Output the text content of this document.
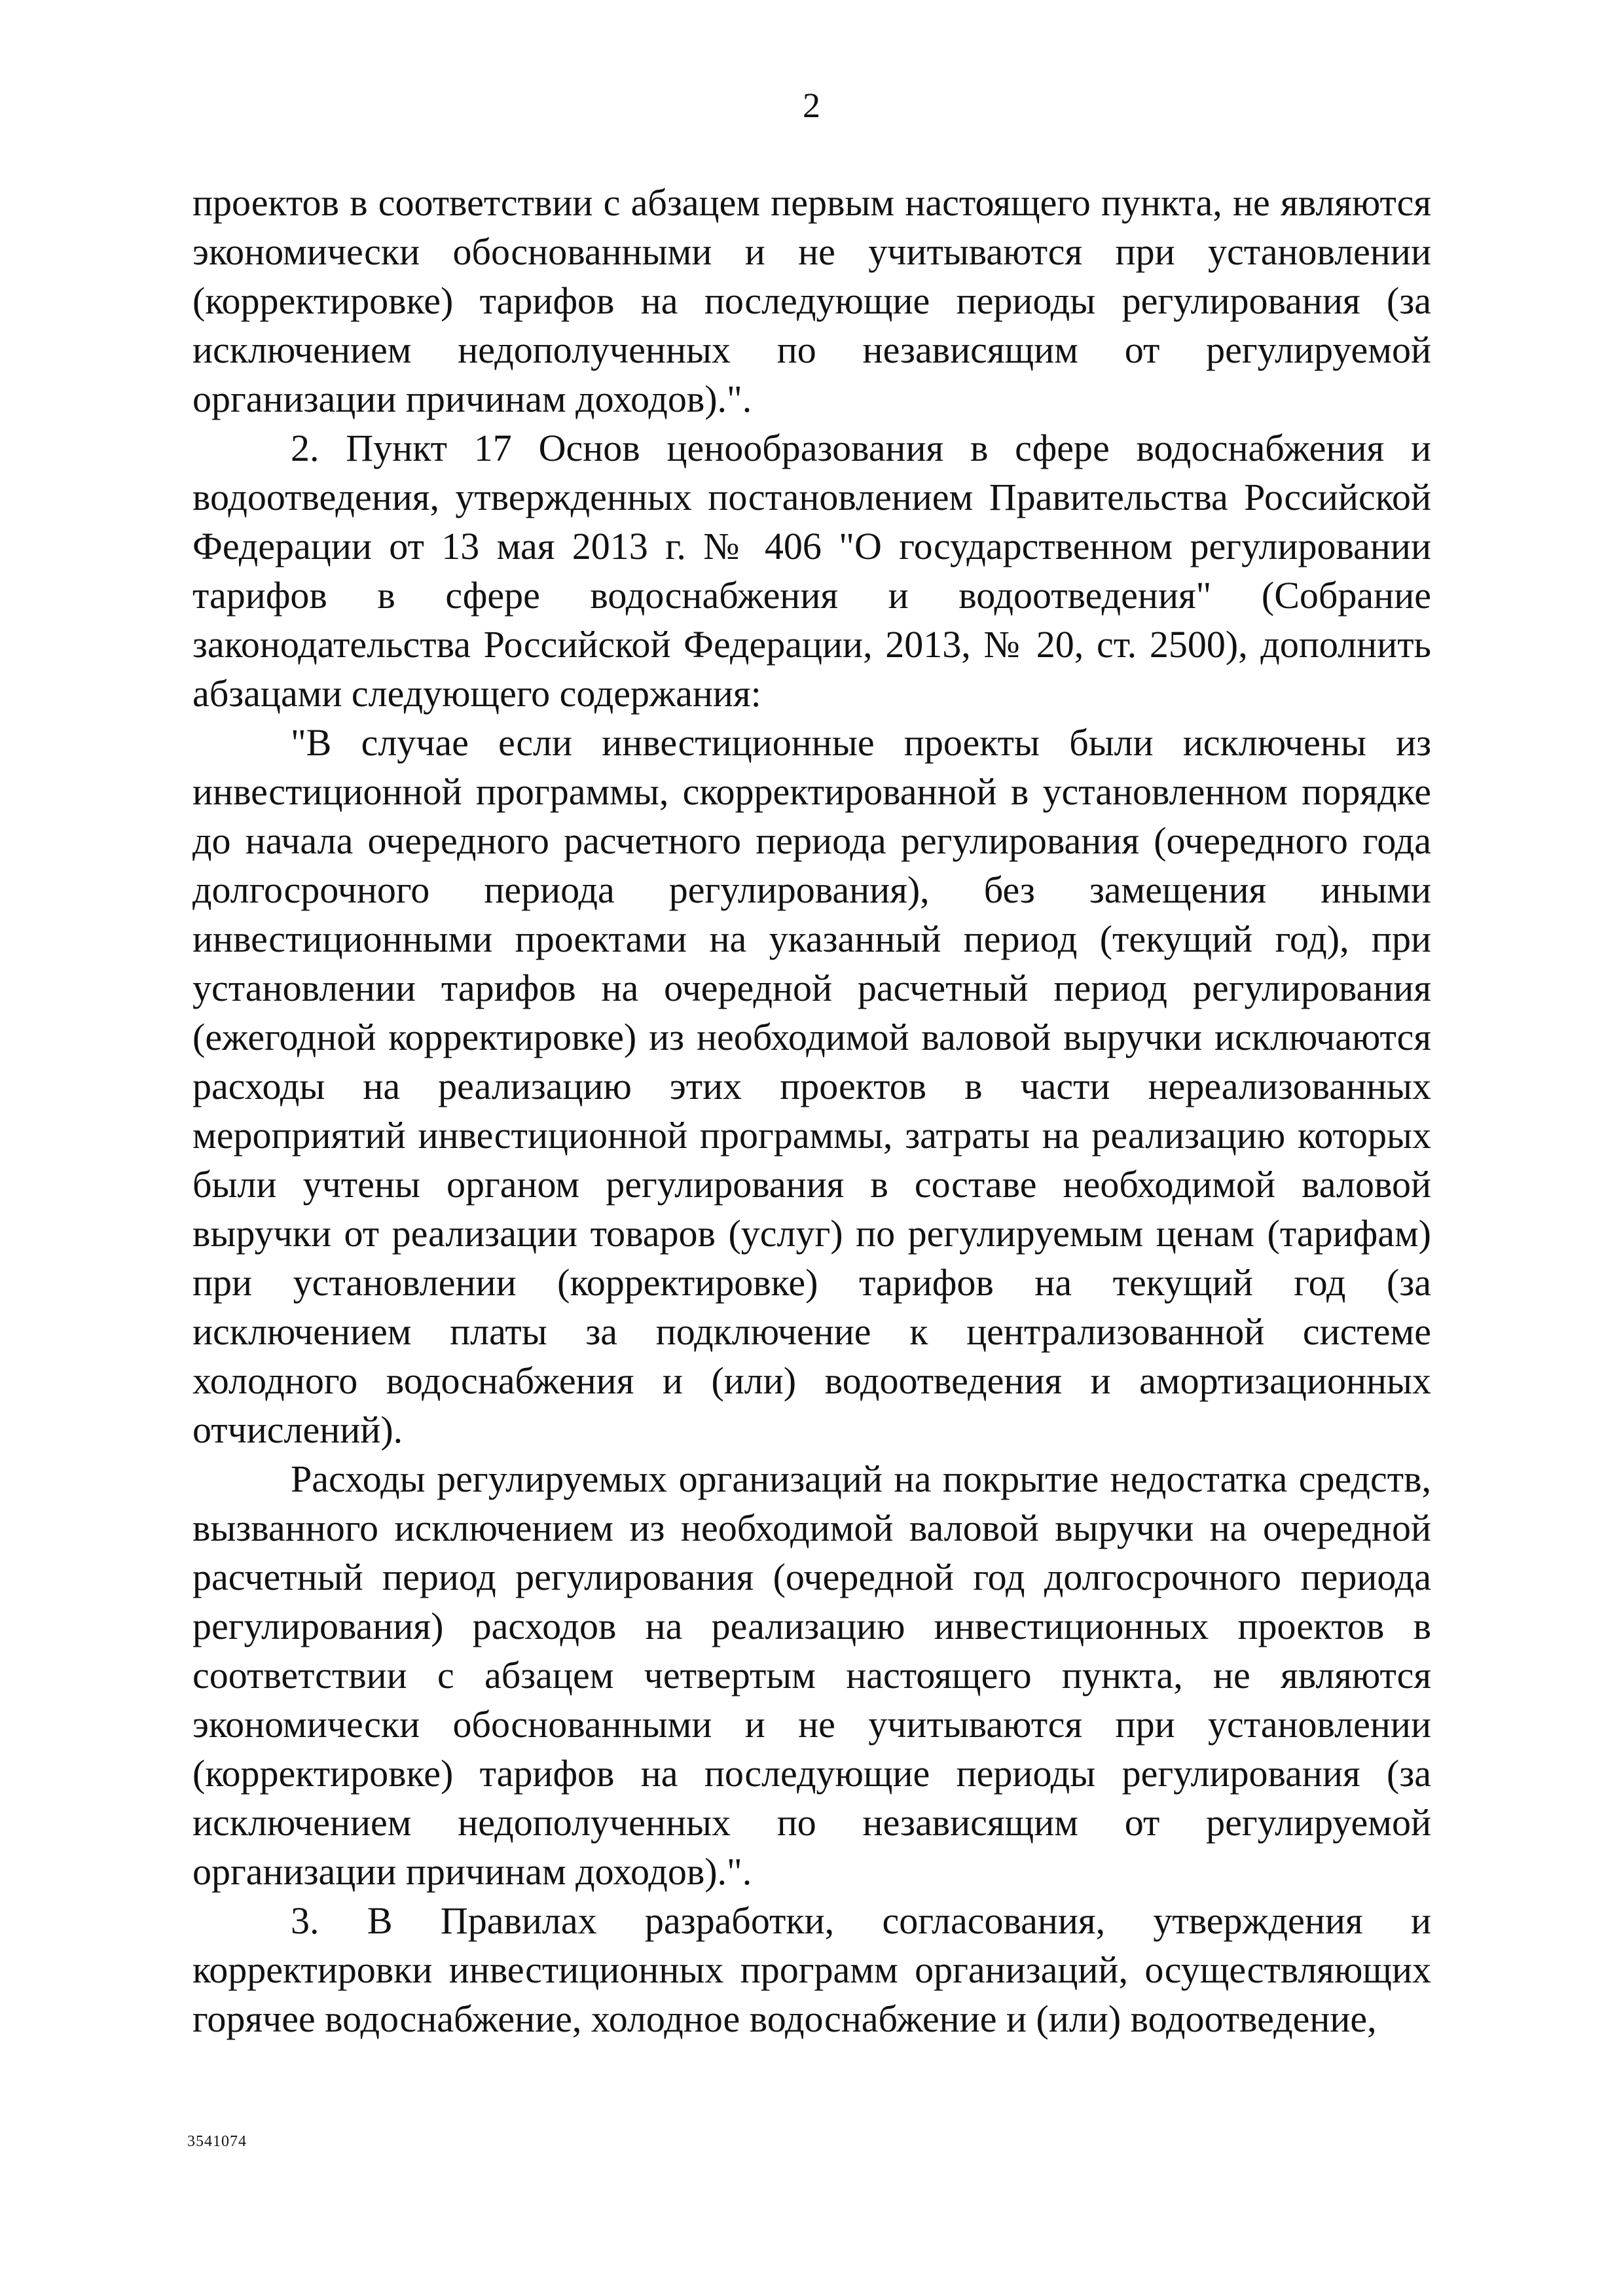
2

проектов в соответствии с абзацем первым настоящего пункта, не являются экономически обоснованными и не учитываются при установлении (корректировке) тарифов на последующие периоды регулирования (за исключением недополученных по независящим от регулируемой организации причинам доходов).".

2. Пункт 17 Основ ценообразования в сфере водоснабжения и водоотведения, утвержденных постановлением Правительства Российской Федерации от 13 мая 2013 г. № 406 "О государственном регулировании тарифов в сфере водоснабжения и водоотведения" (Собрание законодательства Российской Федерации, 2013, № 20, ст. 2500), дополнить абзацами следующего содержания:

"В случае если инвестиционные проекты были исключены из инвестиционной программы, скорректированной в установленном порядке до начала очередного расчетного периода регулирования (очередного года долгосрочного периода регулирования), без замещения иными инвестиционными проектами на указанный период (текущий год), при установлении тарифов на очередной расчетный период регулирования (ежегодной корректировке) из необходимой валовой выручки исключаются расходы на реализацию этих проектов в части нереализованных мероприятий инвестиционной программы, затраты на реализацию которых были учтены органом регулирования в составе необходимой валовой выручки от реализации товаров (услуг) по регулируемым ценам (тарифам) при установлении (корректировке) тарифов на текущий год (за исключением платы за подключение к централизованной системе холодного водоснабжения и (или) водоотведения и амортизационных отчислений).

Расходы регулируемых организаций на покрытие недостатка средств, вызванного исключением из необходимой валовой выручки на очередной расчетный период регулирования (очередной год долгосрочного периода регулирования) расходов на реализацию инвестиционных проектов в соответствии с абзацем четвертым настоящего пункта, не являются экономически обоснованными и не учитываются при установлении (корректировке) тарифов на последующие периоды регулирования (за исключением недополученных по независящим от регулируемой организации причинам доходов).".

3. В Правилах разработки, согласования, утверждения и корректировки инвестиционных программ организаций, осуществляющих горячее водоснабжение, холодное водоснабжение и (или) водоотведение,

3541074
